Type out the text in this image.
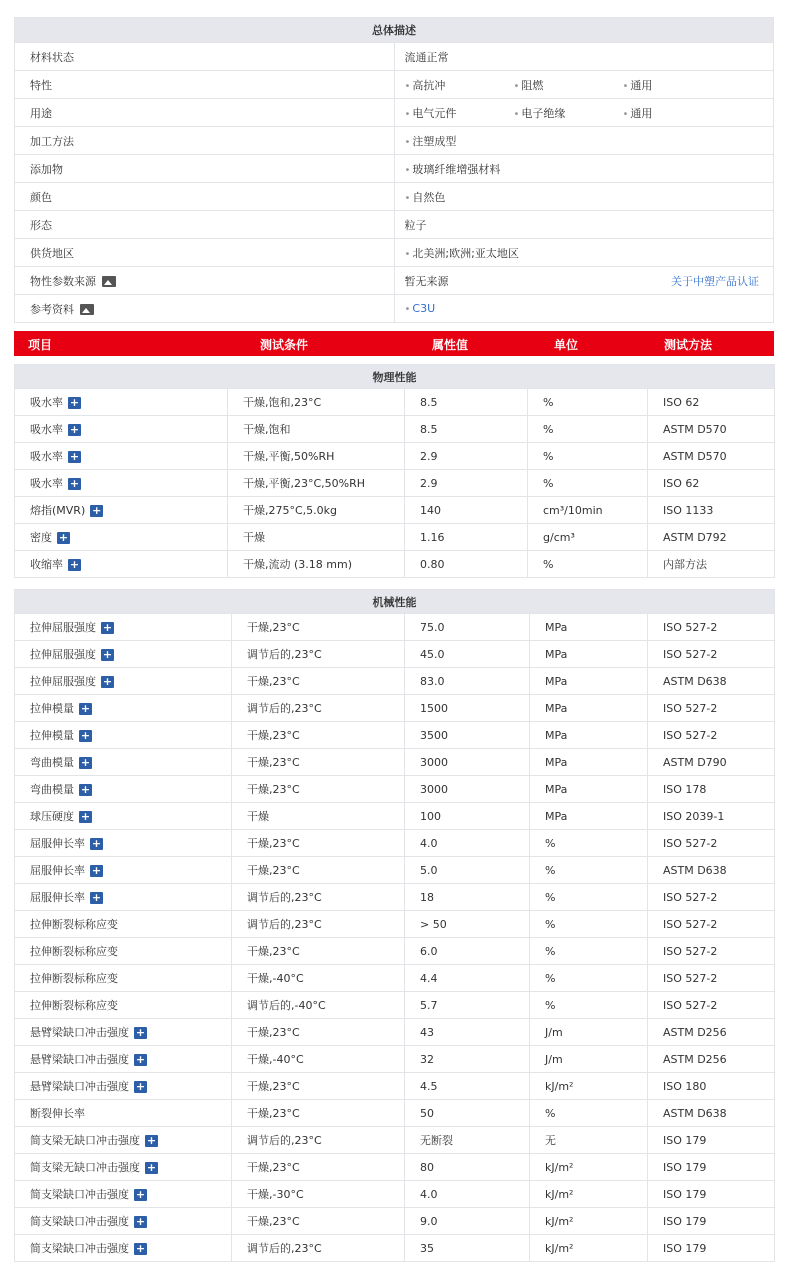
总体描述	
材料状态	流通正常
特性	• 高抗冲 • 阻燃 • 通用

用途	• 电气元件 • 电子绝缘 • 通用

加工方法	• 注塑成型

添加物	• 玻璃纤维增强材料

颜色	• 自然色

形态	粒子
供货地区	• 北美洲;欧洲;亚太地区

物性参数来源	暂无来源 关于中塑产品认证

参考资料	• C3U
项目	测试条件	属性值	单位	测试方法
物理性能				
吸水率 +	干燥,饱和,23°C	8.5	%	ISO 62
吸水率 +	干燥,饱和	8.5	%	ASTM D570
吸水率 +	干燥,平衡,50%RH	2.9	%	ASTM D570
吸水率 +	干燥,平衡,23°C,50%RH	2.9	%	ISO 62
熔指(MVR) +	干燥,275°C,5.0kg	140	cm³/10min	ISO 1133
密度 +	干燥	1.16	g/cm³	ASTM D792
收缩率 +	干燥,流动 (3.18 mm)	0.80	%	内部方法
机械性能				
拉伸屈服强度 +	干燥,23°C	75.0	MPa	ISO 527-2
拉伸屈服强度 +	调节后的,23°C	45.0	MPa	ISO 527-2
拉伸屈服强度 +	干燥,23°C	83.0	MPa	ASTM D638
拉伸模量 +	调节后的,23°C	1500	MPa	ISO 527-2
拉伸模量 +	干燥,23°C	3500	MPa	ISO 527-2
弯曲模量 +	干燥,23°C	3000	MPa	ASTM D790
弯曲模量 +	干燥,23°C	3000	MPa	ISO 178
球压硬度 +	干燥	100	MPa	ISO 2039-1
屈服伸长率 +	干燥,23°C	4.0	%	ISO 527-2
屈服伸长率 +	干燥,23°C	5.0	%	ASTM D638
屈服伸长率 +	调节后的,23°C	18	%	ISO 527-2
拉伸断裂标称应变	调节后的,23°C	> 50	%	ISO 527-2
拉伸断裂标称应变	干燥,23°C	6.0	%	ISO 527-2
拉伸断裂标称应变	干燥,-40°C	4.4	%	ISO 527-2
拉伸断裂标称应变	调节后的,-40°C	5.7	%	ISO 527-2
悬臂梁缺口冲击强度 +	干燥,23°C	43	J/m	ASTM D256
悬臂梁缺口冲击强度 +	干燥,-40°C	32	J/m	ASTM D256
悬臂梁缺口冲击强度 +	干燥,23°C	4.5	kJ/m²	ISO 180
断裂伸长率	干燥,23°C	50	%	ASTM D638
简支梁无缺口冲击强度 +	调节后的,23°C	无断裂	无	ISO 179
简支梁无缺口冲击强度 +	干燥,23°C	80	kJ/m²	ISO 179
简支梁缺口冲击强度 +	干燥,-30°C	4.0	kJ/m²	ISO 179
简支梁缺口冲击强度 +	干燥,23°C	9.0	kJ/m²	ISO 179
简支梁缺口冲击强度 +	调节后的,23°C	35	kJ/m²	ISO 179
